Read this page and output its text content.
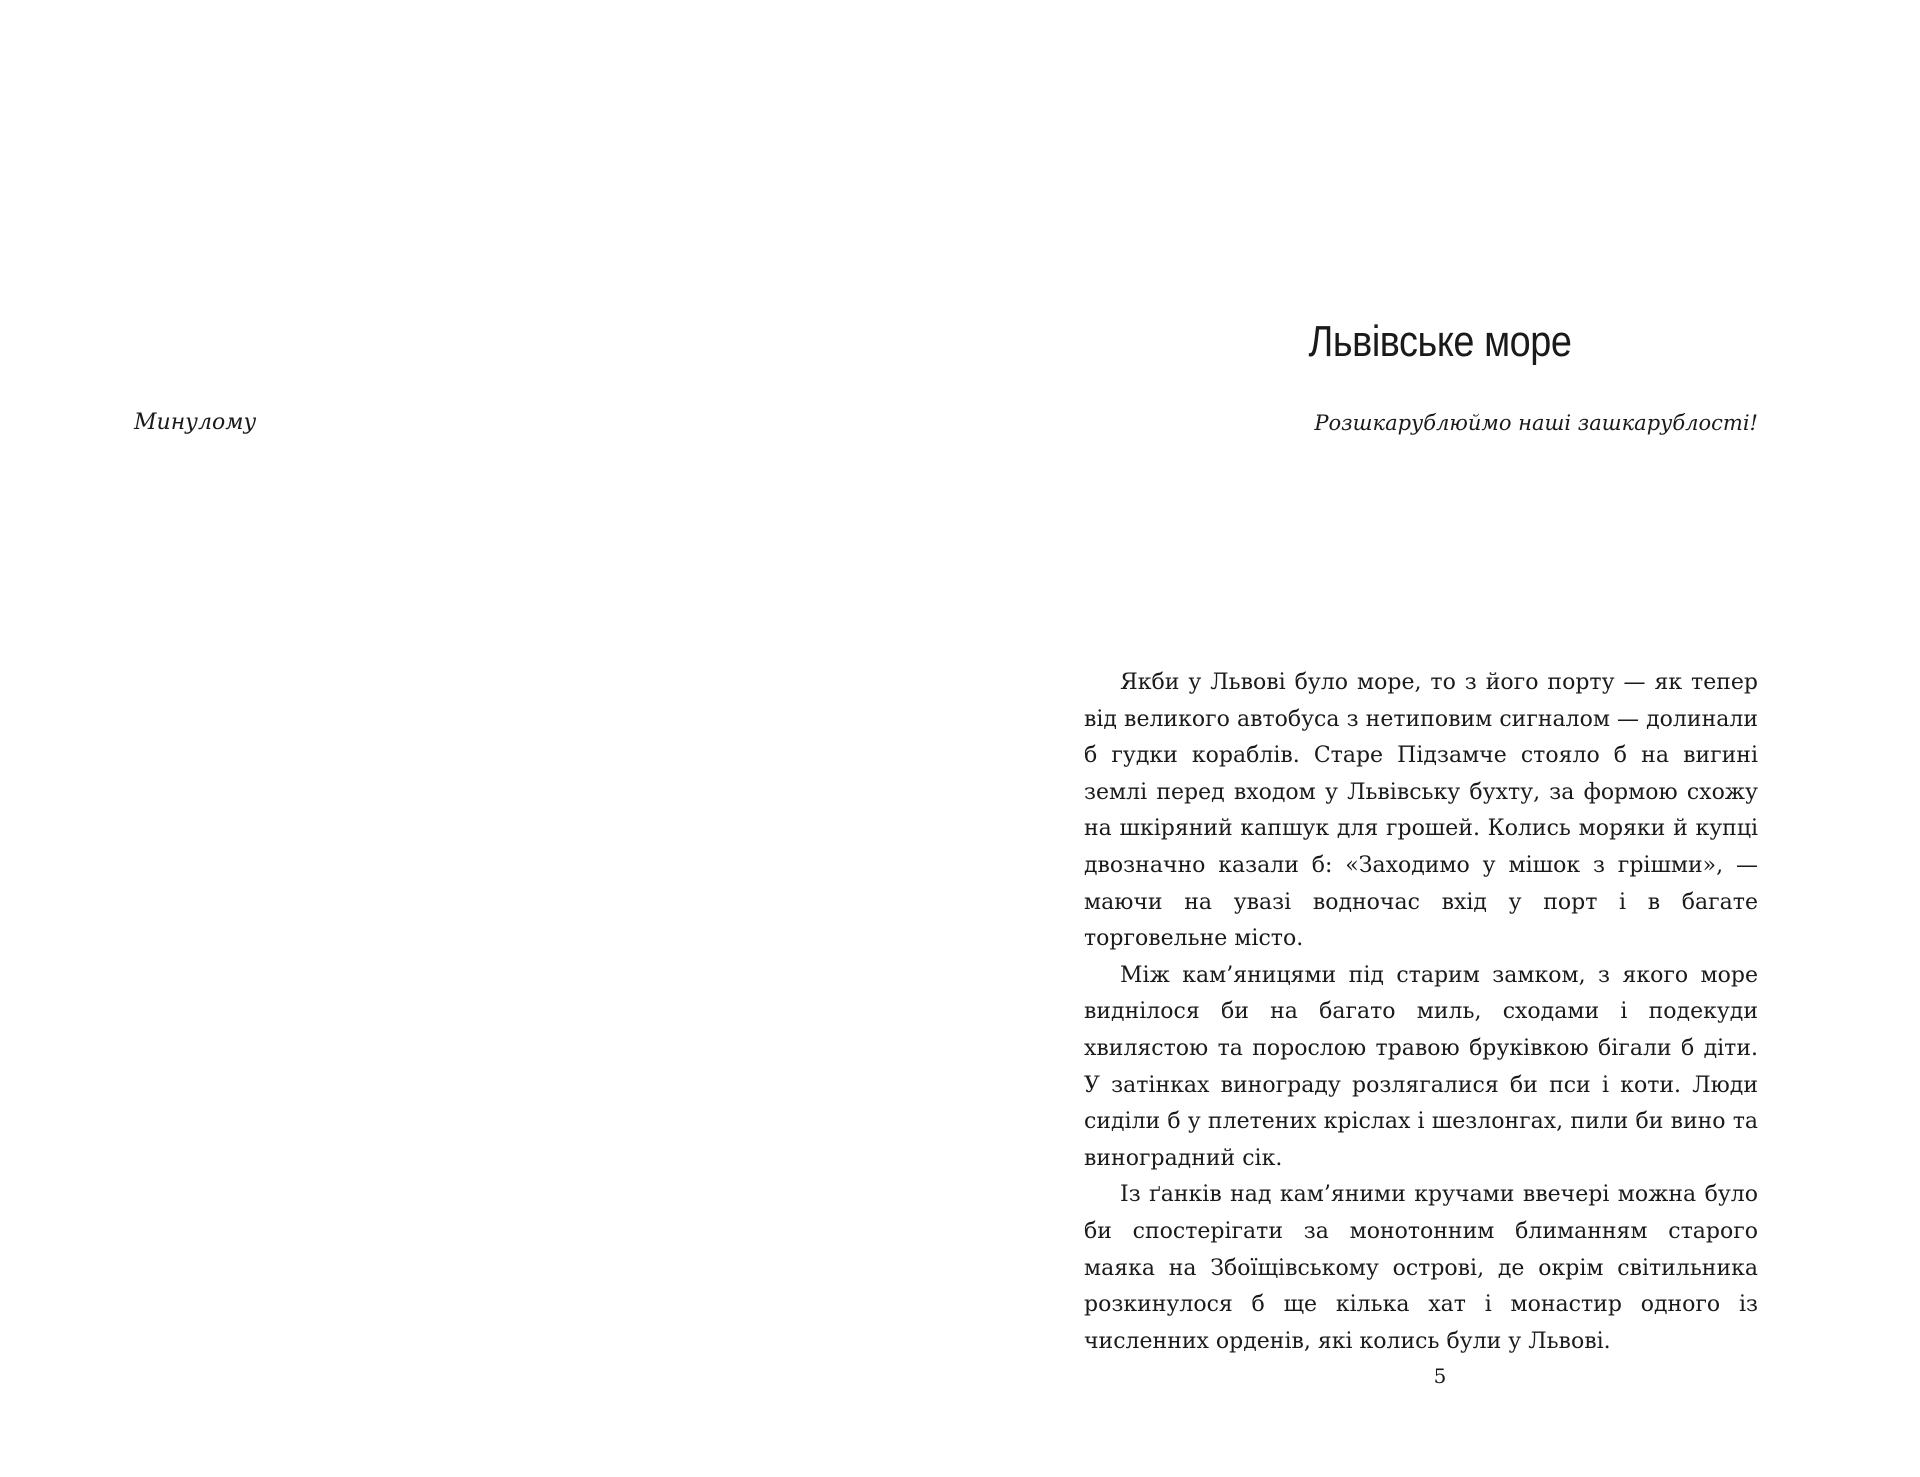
Минулому

Львівське море

Розшкарублюймо наші зашкарублості!

Якби у Львові було море, то з його порту — як тепер від великого автобуса з нетиповим сигналом — долинали б гудки кораблів. Старе Підзамче стояло б на вигині землі перед входом у Львівську бухту, за формою схожу на шкіряний капшук для грошей. Колись моряки й купці двозначно казали б: «Заходимо у мішок з грішми», — маючи на увазі водночас вхід у порт і в багате торговельне місто.

Між кам’яницями під старим замком, з якого море виднілося би на багато миль, сходами і подекуди хвилястою та порослою травою бруківкою бігали б діти. У затінках винограду розлягалися би пси і коти. Люди сиділи б у плетених кріслах і шезлонгах, пили би вино та виноградний сік.

Із ґанків над кам’яними кручами ввечері можна було би спостерігати за монотонним блиманням старого маяка на Збоїщівському острові, де окрім світильника розкинулося б ще кілька хат і монастир одного із численних орденів, які колись були у Львові.

5
